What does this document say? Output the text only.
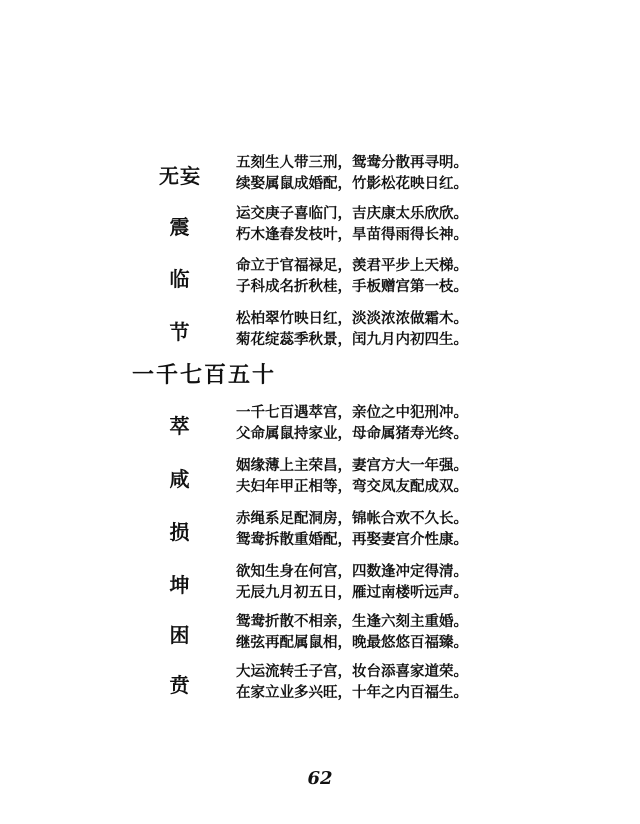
无妄
五刻生人带三刑，鸳鸯分散再寻明。
续娶属鼠成婚配，竹影松花映日红。
震
运交庚子喜临门，吉庆康太乐欣欣。
朽木逢春发枝叶，旱苗得雨得长神。
临
命立于官福禄足，羡君平步上天梯。
子科成名折秋桂，手板赠宫第一枝。
节
松柏翠竹映日红，淡淡浓浓做霜木。
菊花绽蕊季秋景，闰九月内初四生。
一千七百五十
萃
一千七百遇萃宫，亲位之中犯刑冲。
父命属鼠持家业，母命属猪寿光终。
咸
姻缘薄上主荣昌，妻宫方大一年强。
夫妇年甲正相等，弯交凤友配成双。
损
赤绳系足配洞房，锦帐合欢不久长。
鸳鸯拆散重婚配，再娶妻宫介性康。
坤
欲知生身在何宫，四数逢冲定得清。
无辰九月初五日，雁过南楼听远声。
困
鸳鸯折散不相亲，生逢六刻主重婚。
继弦再配属鼠相，晚最悠悠百福臻。
贲
大运流转壬子宫，妆台添喜家道荣。
在家立业多兴旺，十年之内百福生。
62
